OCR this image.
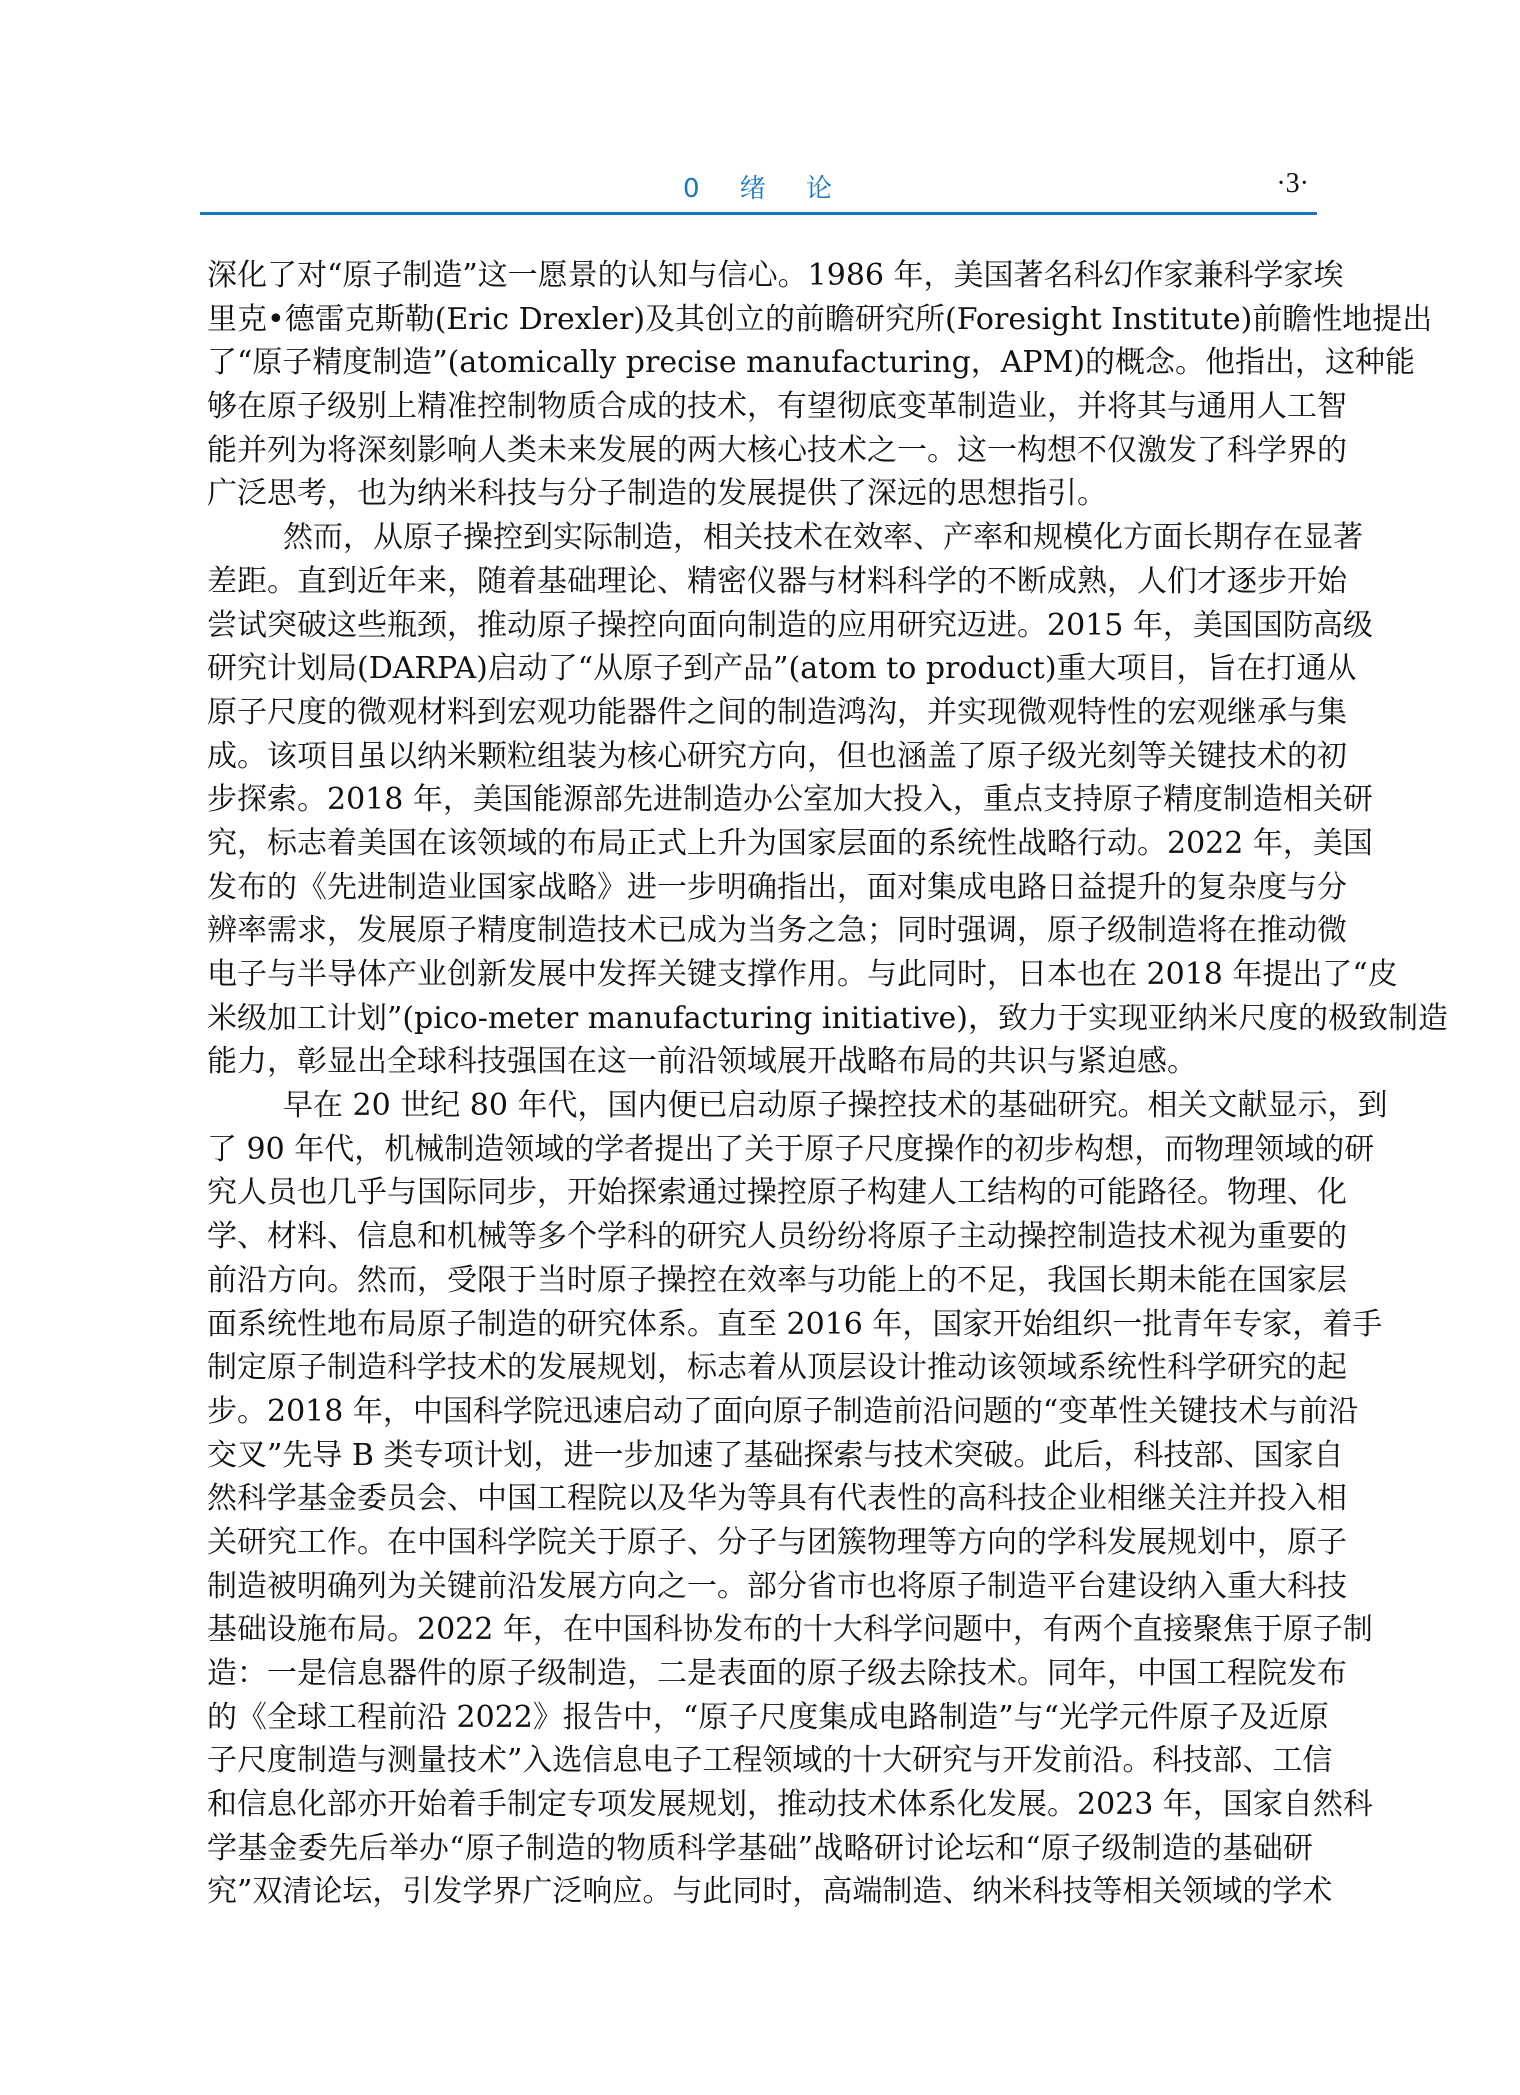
0 绪 论	·3·
深化了对“原子制造”这一愿景的认知与信心。1986 年，美国著名科幻作家兼科学家埃
里克•德雷克斯勒(Eric Drexler)及其创立的前瞻研究所(Foresight Institute)前瞻性地提出
了“原子精度制造”(atomically precise manufacturing，APM)的概念。他指出，这种能
够在原子级别上精准控制物质合成的技术，有望彻底变革制造业，并将其与通用人工智
能并列为将深刻影响人类未来发展的两大核心技术之一。这一构想不仅激发了科学界的
广泛思考，也为纳米科技与分子制造的发展提供了深远的思想指引。
然而，从原子操控到实际制造，相关技术在效率、产率和规模化方面长期存在显著
差距。直到近年来，随着基础理论、精密仪器与材料科学的不断成熟，人们才逐步开始
尝试突破这些瓶颈，推动原子操控向面向制造的应用研究迈进。2015 年，美国国防高级
研究计划局(DARPA)启动了“从原子到产品”(atom to product)重大项目，旨在打通从
原子尺度的微观材料到宏观功能器件之间的制造鸿沟，并实现微观特性的宏观继承与集
成。该项目虽以纳米颗粒组装为核心研究方向，但也涵盖了原子级光刻等关键技术的初
步探索。2018 年，美国能源部先进制造办公室加大投入，重点支持原子精度制造相关研
究，标志着美国在该领域的布局正式上升为国家层面的系统性战略行动。2022 年，美国
发布的《先进制造业国家战略》进一步明确指出，面对集成电路日益提升的复杂度与分
辨率需求，发展原子精度制造技术已成为当务之急；同时强调，原子级制造将在推动微
电子与半导体产业创新发展中发挥关键支撑作用。与此同时，日本也在 2018 年提出了“皮
米级加工计划”(pico-meter manufacturing initiative)，致力于实现亚纳米尺度的极致制造
能力，彰显出全球科技强国在这一前沿领域展开战略布局的共识与紧迫感。
早在 20 世纪 80 年代，国内便已启动原子操控技术的基础研究。相关文献显示，到
了 90 年代，机械制造领域的学者提出了关于原子尺度操作的初步构想，而物理领域的研
究人员也几乎与国际同步，开始探索通过操控原子构建人工结构的可能路径。物理、化
学、材料、信息和机械等多个学科的研究人员纷纷将原子主动操控制造技术视为重要的
前沿方向。然而，受限于当时原子操控在效率与功能上的不足，我国长期未能在国家层
面系统性地布局原子制造的研究体系。直至 2016 年，国家开始组织一批青年专家，着手
制定原子制造科学技术的发展规划，标志着从顶层设计推动该领域系统性科学研究的起
步。2018 年，中国科学院迅速启动了面向原子制造前沿问题的“变革性关键技术与前沿
交叉”先导 B 类专项计划，进一步加速了基础探索与技术突破。此后，科技部、国家自
然科学基金委员会、中国工程院以及华为等具有代表性的高科技企业相继关注并投入相
关研究工作。在中国科学院关于原子、分子与团簇物理等方向的学科发展规划中，原子
制造被明确列为关键前沿发展方向之一。部分省市也将原子制造平台建设纳入重大科技
基础设施布局。2022 年，在中国科协发布的十大科学问题中，有两个直接聚焦于原子制
造：一是信息器件的原子级制造，二是表面的原子级去除技术。同年，中国工程院发布
的《全球工程前沿 2022》报告中，“原子尺度集成电路制造”与“光学元件原子及近原
子尺度制造与测量技术”入选信息电子工程领域的十大研究与开发前沿。科技部、工信
和信息化部亦开始着手制定专项发展规划，推动技术体系化发展。2023 年，国家自然科
学基金委先后举办“原子制造的物质科学基础”战略研讨论坛和“原子级制造的基础研
究”双清论坛，引发学界广泛响应。与此同时，高端制造、纳米科技等相关领域的学术
